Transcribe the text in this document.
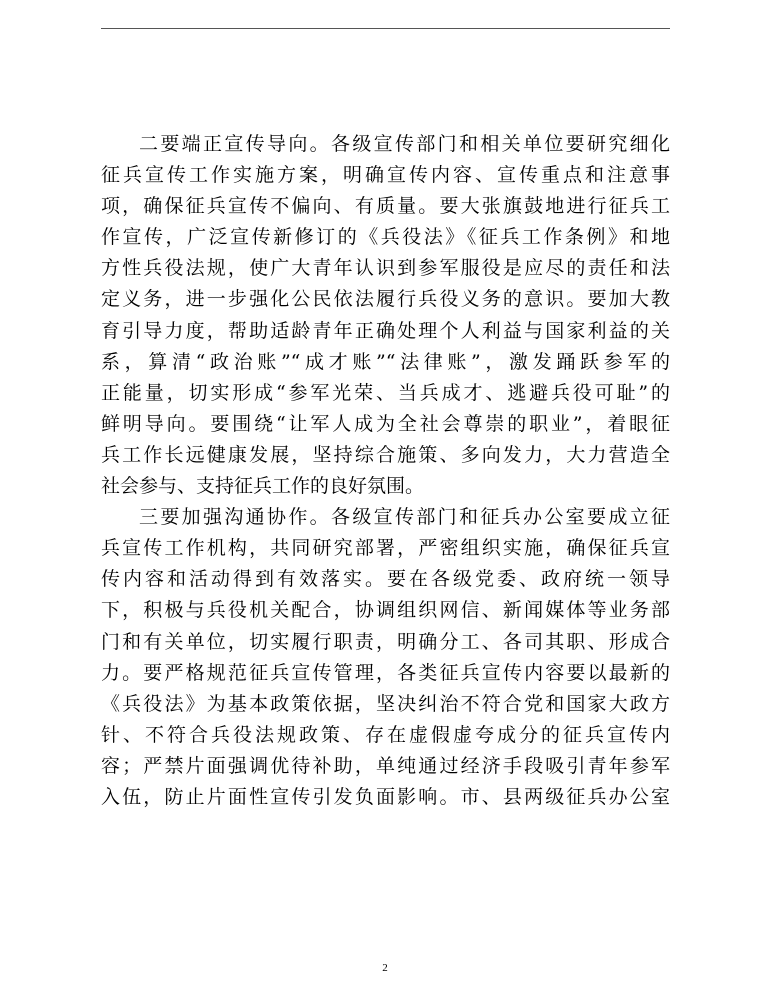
二要端正宣传导向。各级宣传部门和相关单位要研究细化
征兵宣传工作实施方案，明确宣传内容、宣传重点和注意事
项，确保征兵宣传不偏向、有质量。要大张旗鼓地进行征兵工
作宣传，广泛宣传新修订的《兵役法》《征兵工作条例》和地
方性兵役法规，使广大青年认识到参军服役是应尽的责任和法
定义务，进一步强化公民依法履行兵役义务的意识。要加大教
育引导力度，帮助适龄青年正确处理个人利益与国家利益的关
系，算清“政治账”“成才账”“法律账”，激发踊跃参军的
正能量，切实形成“参军光荣、当兵成才、逃避兵役可耻”的
鲜明导向。要围绕“让军人成为全社会尊崇的职业”，着眼征
兵工作长远健康发展，坚持综合施策、多向发力，大力营造全
社会参与、支持征兵工作的良好氛围。

三要加强沟通协作。各级宣传部门和征兵办公室要成立征
兵宣传工作机构，共同研究部署，严密组织实施，确保征兵宣
传内容和活动得到有效落实。要在各级党委、政府统一领导
下，积极与兵役机关配合，协调组织网信、新闻媒体等业务部
门和有关单位，切实履行职责，明确分工、各司其职、形成合
力。要严格规范征兵宣传管理，各类征兵宣传内容要以最新的
《兵役法》为基本政策依据，坚决纠治不符合党和国家大政方
针、不符合兵役法规政策、存在虚假虚夸成分的征兵宣传内
容；严禁片面强调优待补助，单纯通过经济手段吸引青年参军
入伍，防止片面性宣传引发负面影响。市、县两级征兵办公室

2
